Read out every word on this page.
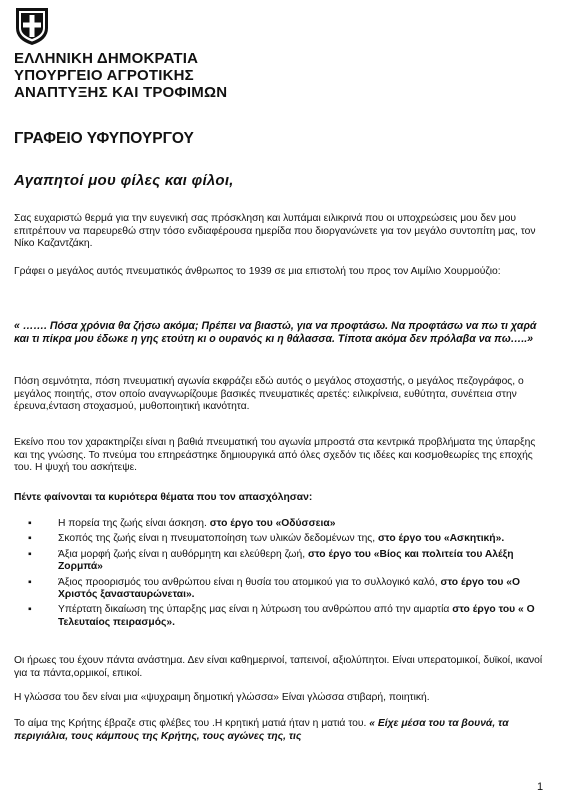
ΕΛΛΗΝΙΚΗ ΔΗΜΟΚΡΑΤΙΑ
ΥΠΟΥΡΓΕΙΟ ΑΓΡΟΤΙΚΗΣ
ΑΝΑΠΤΥΞΗΣ ΚΑΙ ΤΡΟΦΙΜΩΝ
ΓΡΑΦΕΙΟ ΥΦΥΠΟΥΡΓΟΥ
Αγαπητοί μου φίλες και φίλοι,
Σας ευχαριστώ θερμά για την ευγενική σας πρόσκληση και λυπάμαι ειλικρινά που οι υποχρεώσεις μου δεν μου επιτρέπουν να παρευρεθώ στην τόσο ενδιαφέρουσα ημερίδα που διοργανώνετε για τον μεγάλο συντοπίτη μας, τον Νίκο Καζαντζάκη.
Γράφει ο μεγάλος αυτός πνευματικός άνθρωπος το 1939 σε μια επιστολή του προς τον Αιμίλιο Χουρμούζιο:
« ……. Πόσα χρόνια θα ζήσω ακόμα; Πρέπει να βιαστώ, για να προφτάσω. Να προφτάσω να πω τι χαρά και τι πίκρα μου έδωκε η γης ετούτη κι ο ουρανός κι η θάλασσα. Τίποτα ακόμα δεν πρόλαβα να πω…..»
Πόση σεμνότητα, πόση πνευματική αγωνία εκφράζει εδώ αυτός ο μεγάλος στοχαστής, ο μεγάλος πεζογράφος, ο μεγάλος ποιητής, στον οποίο αναγνωρίζουμε βασικές πνευματικές αρετές: ειλικρίνεια, ευθύτητα, συνέπεια στην έρευνα,ένταση στοχασμού, μυθοποιητική ικανότητα.
Εκείνο που τον χαρακτηρίζει είναι η βαθιά πνευματική του αγωνία μπροστά στα κεντρικά προβλήματα της ύπαρξης και της γνώσης. Το πνεύμα του επηρεάστηκε δημιουργικά από όλες σχεδόν τις ιδέες και κοσμοθεωρίες της εποχής του. Η ψυχή του ασκήτεψε.
Πέντε φαίνονται τα κυριότερα θέματα που τον απασχόλησαν:
▪	Η πορεία της ζωής είναι άσκηση. στο έργο του «Οδύσσεια»
▪	Σκοπός της ζωής είναι η πνευματοποίηση των υλικών δεδομένων της, στο έργο του «Ασκητική».
▪	Άξια μορφή ζωής είναι η αυθόρμητη και ελεύθερη ζωή, στο έργο του «Βίος και πολιτεία του Αλέξη Ζορμπά»
▪	Άξιος προορισμός του ανθρώπου είναι η θυσία του ατομικού για το συλλογικό καλό, στο έργο του «Ο Χριστός ξανασταυρώνεται».
▪	Υπέρτατη δικαίωση της ύπαρξης μας είναι η λύτρωση του ανθρώπου από την αμαρτία στο έργο του « Ο Τελευταίος πειρασμός».
Οι ήρωες του έχουν πάντα ανάστημα. Δεν είναι καθημερινοί, ταπεινοί, αξιολύπητοι. Είναι υπερατομικοί, δυϊκοί, ικανοί για τα πάντα,ορμικοί, επικοί.
Η γλώσσα του δεν είναι μια «ψυχραιμη δημοτική γλώσσα» Είναι γλώσσα στιβαρή, ποιητική.
Το αίμα της Κρήτης έβραζε στις φλέβες του .Η κρητική ματιά ήταν η ματιά του. « Είχε μέσα του τα βουνά, τα περιγιάλια, τους κάμπους της Κρήτης, τους αγώνες της, τις
1
